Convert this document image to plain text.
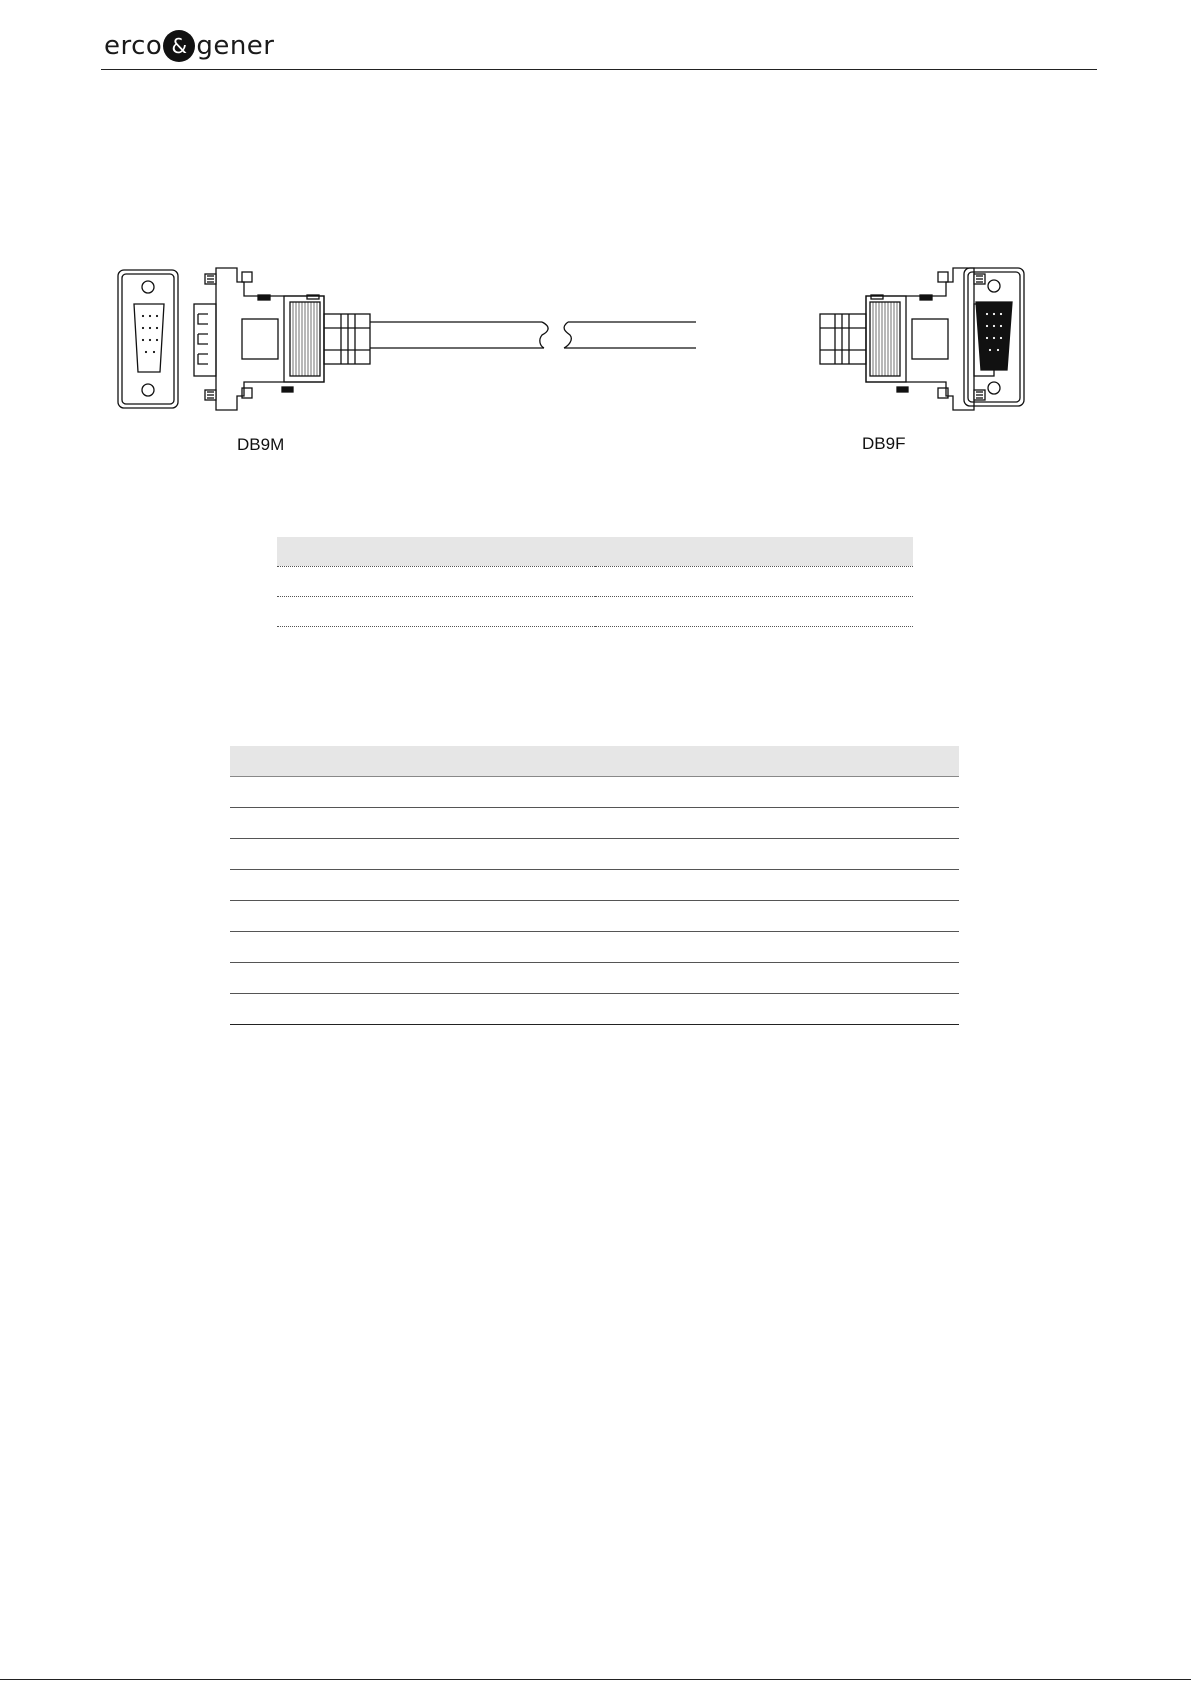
erco & gener
DB9M	DB9F
